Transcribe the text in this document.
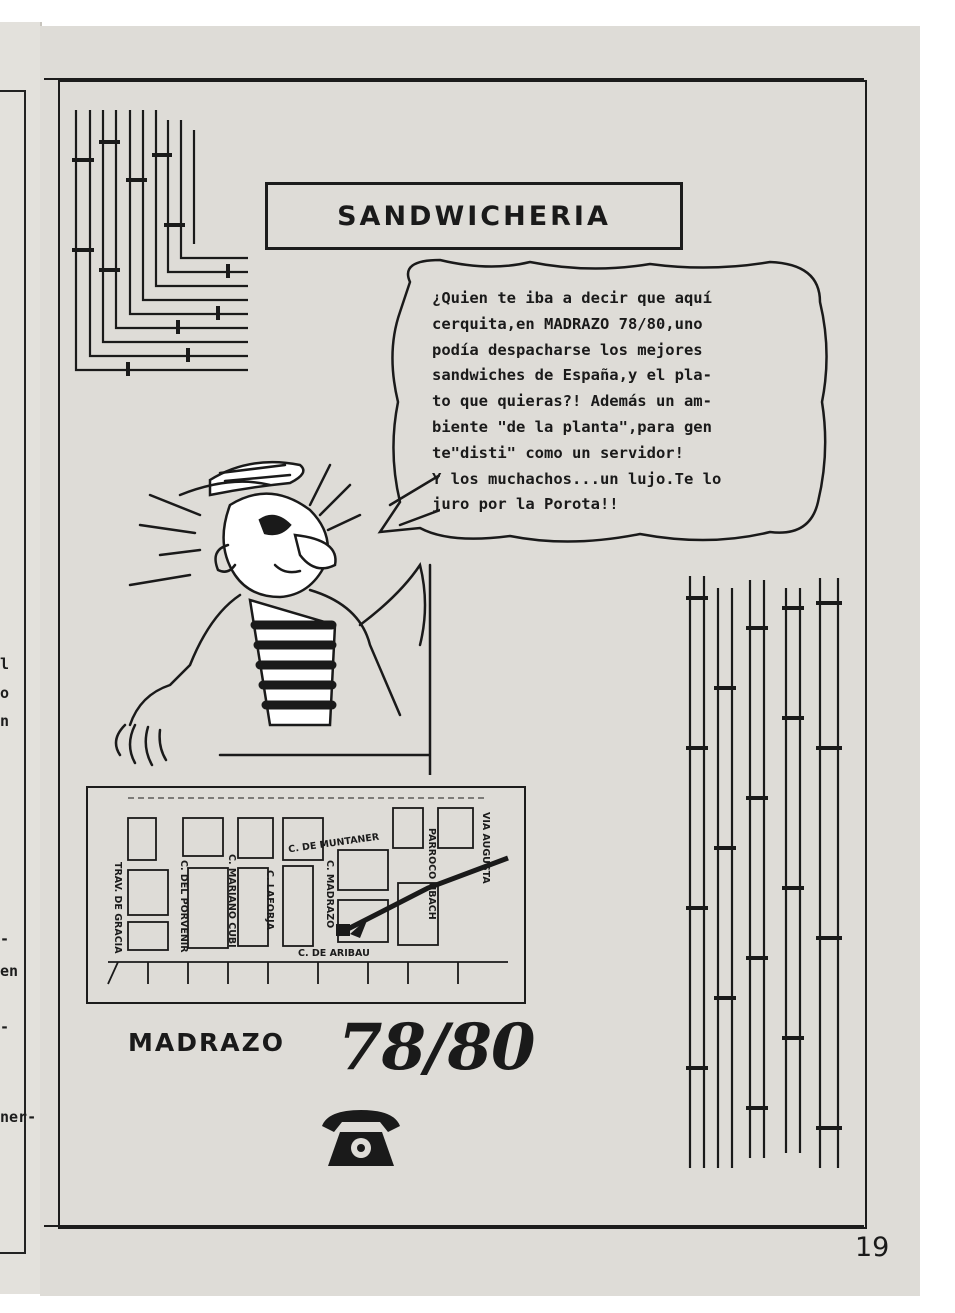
l
o
n
-
en
-
ner-
SANDWICHERIA
¿Quien te iba a decir que aquí
cerquita,en MADRAZO 78/80,uno
podía despacharse los mejores
sandwiches de España,y el pla-
to que quieras?! Además un am-
biente "de la planta",para gen
te"disti" como un servidor!
Y los muchachos...un lujo.Te lo
juro por la Porota!!
C. DE MUNTANER
C. DE ARIBAU
VIA AUGUSTA
PARROCO UBACH
C. MADRAZO
C. LAFORJA
C. MARIANO CUBI
C. DEL PORVENIR
TRAV. DE GRACIA
MADRAZO 78/80
19
